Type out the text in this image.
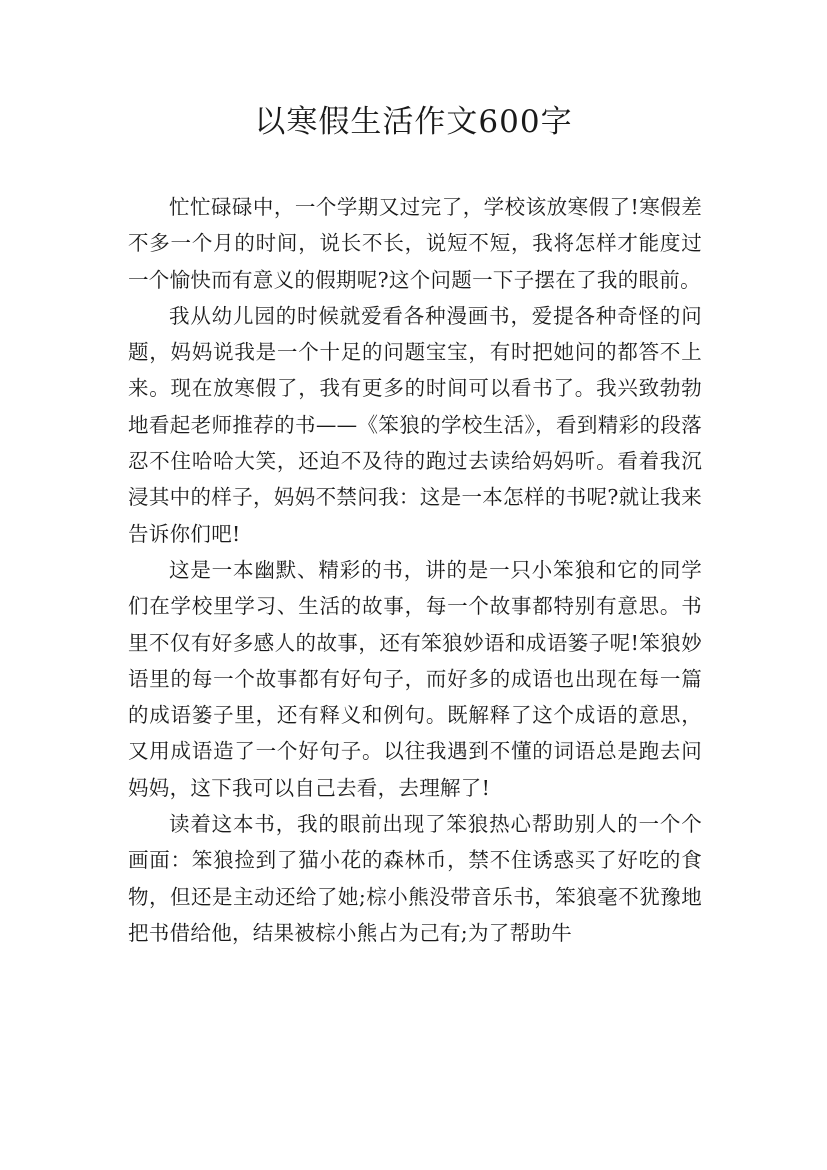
以寒假生活作文600字

忙忙碌碌中，一个学期又过完了，学校该放寒假了!寒假差不多一个月的时间，说长不长，说短不短，我将怎样才能度过一个愉快而有意义的假期呢?这个问题一下子摆在了我的眼前。

我从幼儿园的时候就爱看各种漫画书，爱提各种奇怪的问题，妈妈说我是一个十足的问题宝宝，有时把她问的都答不上来。现在放寒假了，我有更多的时间可以看书了。我兴致勃勃地看起老师推荐的书——《笨狼的学校生活》，看到精彩的段落忍不住哈哈大笑，还迫不及待的跑过去读给妈妈听。看着我沉浸其中的样子，妈妈不禁问我：这是一本怎样的书呢?就让我来告诉你们吧!

这是一本幽默、精彩的书，讲的是一只小笨狼和它的同学们在学校里学习、生活的故事，每一个故事都特别有意思。书里不仅有好多感人的故事，还有笨狼妙语和成语篓子呢!笨狼妙语里的每一个故事都有好句子，而好多的成语也出现在每一篇的成语篓子里，还有释义和例句。既解释了这个成语的意思，又用成语造了一个好句子。以往我遇到不懂的词语总是跑去问妈妈，这下我可以自己去看，去理解了!

读着这本书，我的眼前出现了笨狼热心帮助别人的一个个画面：笨狼捡到了猫小花的森林币，禁不住诱惑买了好吃的食物，但还是主动还给了她;棕小熊没带音乐书，笨狼毫不犹豫地把书借给他，结果被棕小熊占为己有;为了帮助牛
